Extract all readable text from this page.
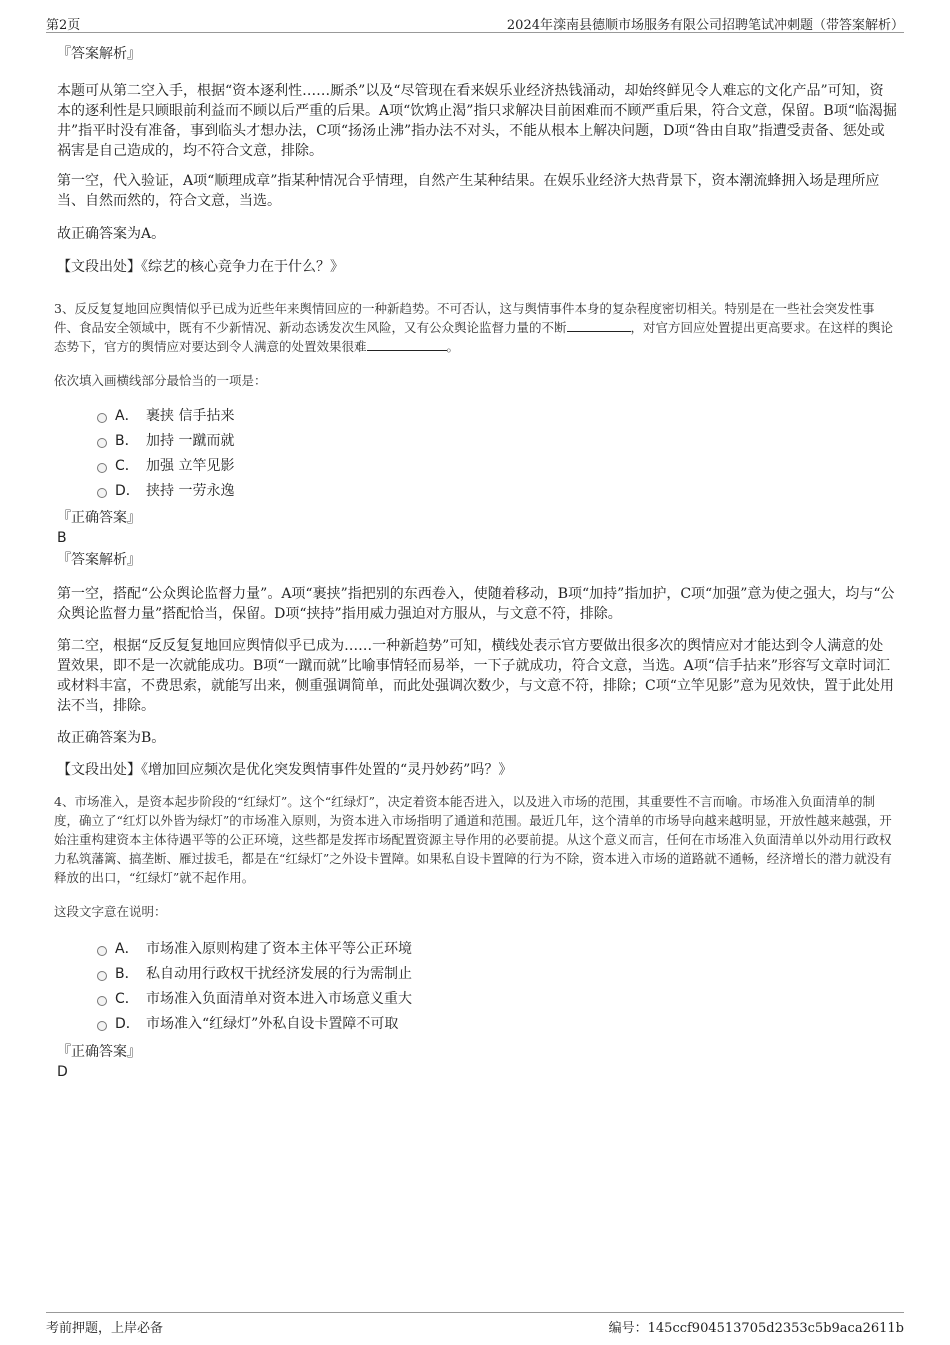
第2页	2024年滦南县德顺市场服务有限公司招聘笔试冲刺题（带答案解析）

『答案解析』

本题可从第二空入手，根据“资本逐利性……厮杀”以及“尽管现在看来娱乐业经济热钱涌动，却始终鲜见令人难忘的文化产品”可知，资本的逐利性是只顾眼前利益而不顾以后严重的后果。A项“饮鸩止渴”指只求解决目前困难而不顾严重后果，符合文意，保留。B项“临渴掘井”指平时没有准备，事到临头才想办法，C项“扬汤止沸”指办法不对头，不能从根本上解决问题，D项“咎由自取”指遭受责备、惩处或祸害是自己造成的，均不符合文意，排除。

第一空，代入验证，A项“顺理成章”指某种情况合乎情理，自然产生某种结果。在娱乐业经济大热背景下，资本潮流蜂拥入场是理所应当、自然而然的，符合文意，当选。

故正确答案为A。

【文段出处】《综艺的核心竞争力在于什么？》

3、反反复复地回应舆情似乎已成为近些年来舆情回应的一种新趋势。不可否认，这与舆情事件本身的复杂程度密切相关。特别是在一些社会突发性事件、食品安全领域中，既有不少新情况、新动态诱发次生风险，又有公众舆论监督力量的不断	，对官方回应处置提出更高要求。在这样的舆论态势下，官方的舆情应对要达到令人满意的处置效果很难	。

依次填入画横线部分最恰当的一项是：

A． 裹挟 信手拈来
B． 加持 一蹴而就
C． 加强 立竿见影
D． 挟持 一劳永逸

『正确答案』

B

『答案解析』

第一空，搭配“公众舆论监督力量”。A项“裹挟”指把别的东西卷入，使随着移动，B项“加持”指加护，C项“加强”意为使之强大，均与“公众舆论监督力量”搭配恰当，保留。D项“挟持”指用威力强迫对方服从，与文意不符，排除。

第二空，根据“反反复复地回应舆情似乎已成为……一种新趋势”可知，横线处表示官方要做出很多次的舆情应对才能达到令人满意的处置效果，即不是一次就能成功。B项“一蹴而就”比喻事情轻而易举，一下子就成功，符合文意，当选。A项“信手拈来”形容写文章时词汇或材料丰富，不费思索，就能写出来，侧重强调简单，而此处强调次数少，与文意不符，排除；C项“立竿见影”意为见效快，置于此处用法不当，排除。

故正确答案为B。

【文段出处】《增加回应频次是优化突发舆情事件处置的“灵丹妙药”吗？》

4、市场准入，是资本起步阶段的“红绿灯”。这个“红绿灯”，决定着资本能否进入，以及进入市场的范围，其重要性不言而喻。市场准入负面清单的制度，确立了“红灯以外皆为绿灯”的市场准入原则，为资本进入市场指明了通道和范围。最近几年，这个清单的市场导向越来越明显，开放性越来越强，开始注重构建资本主体待遇平等的公正环境，这些都是发挥市场配置资源主导作用的必要前提。从这个意义而言，任何在市场准入负面清单以外动用行政权力私筑藩篱、搞垄断、雁过拔毛，都是在“红绿灯”之外设卡置障。如果私自设卡置障的行为不除，资本进入市场的道路就不通畅，经济增长的潜力就没有释放的出口，“红绿灯”就不起作用。

这段文字意在说明：

A． 市场准入原则构建了资本主体平等公正环境
B． 私自动用行政权干扰经济发展的行为需制止
C． 市场准入负面清单对资本进入市场意义重大
D． 市场准入“红绿灯”外私自设卡置障不可取

『正确答案』

D

考前押题，上岸必备	编号：145ccf904513705d2353c5b9aca2611b
